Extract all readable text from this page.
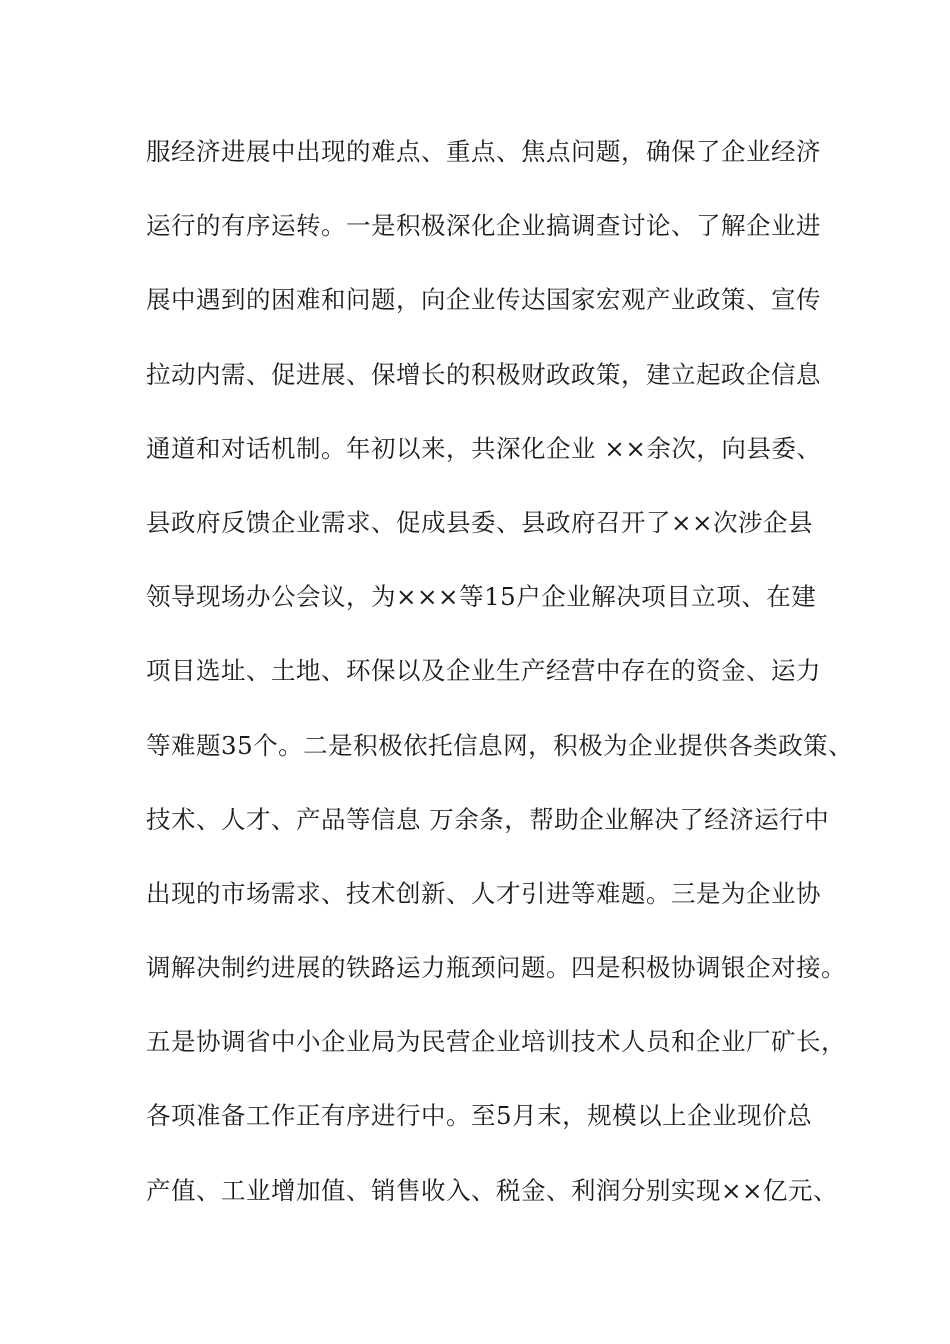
服经济进展中出现的难点、重点、焦点问题，确保了企业经济
运行的有序运转。一是积极深化企业搞调查讨论、了解企业进
展中遇到的困难和问题，向企业传达国家宏观产业政策、宣传
拉动内需、促进展、保增长的积极财政政策，建立起政企信息
通道和对话机制。年初以来，共深化企业 ××余次，向县委、
县政府反馈企业需求、促成县委、县政府召开了××次涉企县
领导现场办公会议，为×××等15户企业解决项目立项、在建
项目选址、土地、环保以及企业生产经营中存在的资金、运力
等难题35个。二是积极依托信息网，积极为企业提供各类政策、
技术、人才、产品等信息 万余条，帮助企业解决了经济运行中
出现的市场需求、技术创新、人才引进等难题。三是为企业协
调解决制约进展的铁路运力瓶颈问题。四是积极协调银企对接。
五是协调省中小企业局为民营企业培训技术人员和企业厂矿长，
各项准备工作正有序进行中。至5月末，规模以上企业现价总
产值、工业增加值、销售收入、税金、利润分别实现××亿元、
